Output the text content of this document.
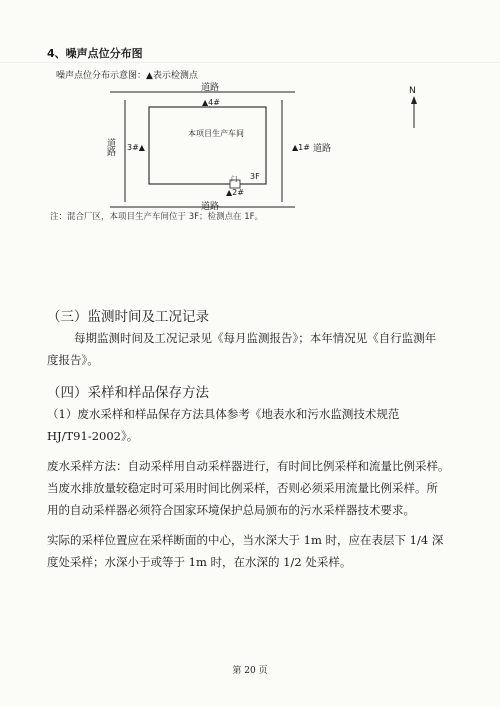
4、噪声点位分布图
噪声点位分布示意图：▲表示检测点
道路
道路
道路	道路
本项目生产车间
▲4#
3#▲	▲1#
▲2#
门 3F
N
注：混合厂区，本项目生产车间位于 3F；检测点在 1F。
（三）监测时间及工况记录
每期监测时间及工况记录见《每月监测报告》；本年情况见《自行监测年
度报告》。
（四）采样和样品保存方法
（1）废水采样和样品保存方法具体参考《地表水和污水监测技术规范
HJ/T91-2002》。
废水采样方法：自动采样用自动采样器进行，有时间比例采样和流量比例采样。
当废水排放量较稳定时可采用时间比例采样，否则必须采用流量比例采样。所
用的自动采样器必须符合国家环境保护总局颁布的污水采样器技术要求。
实际的采样位置应在采样断面的中心，当水深大于 1m 时，应在表层下 1/4 深
度处采样；水深小于或等于 1m 时，在水深的 1/2 处采样。
第 20 页
